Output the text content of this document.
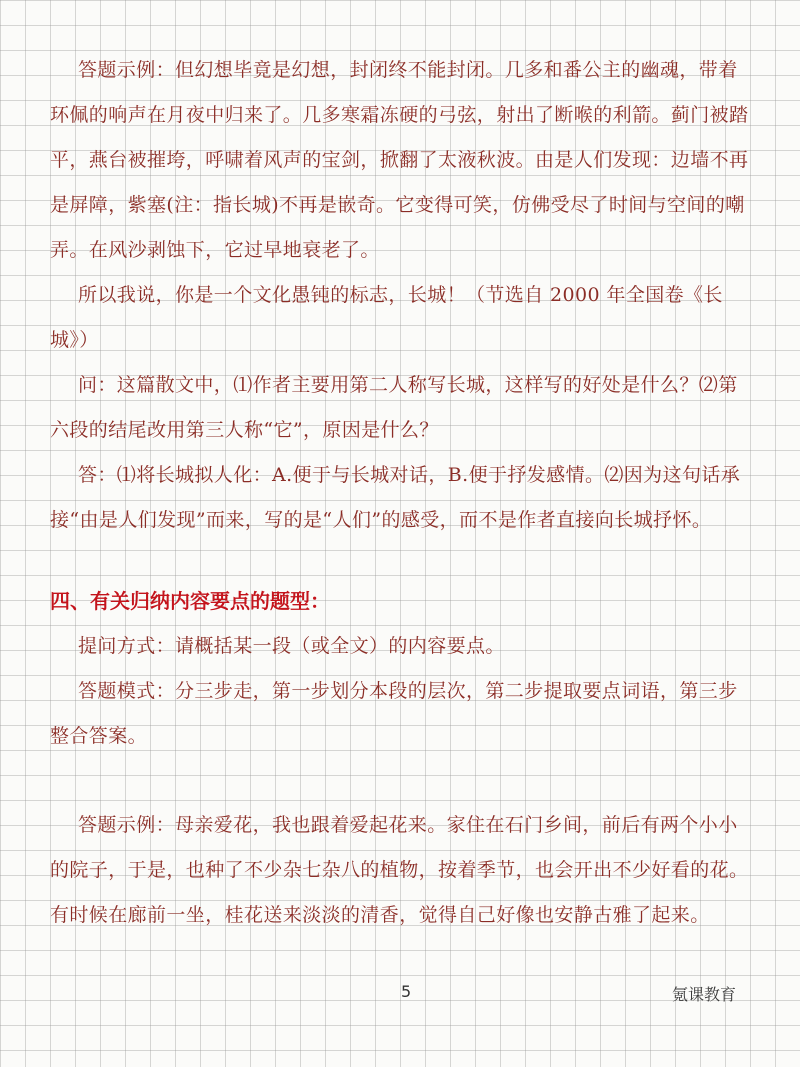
答题示例：但幻想毕竟是幻想，封闭终不能封闭。几多和番公主的幽魂，带着环佩的响声在月夜中归来了。几多寒霜冻硬的弓弦，射出了断喉的利箭。蓟门被踏平，燕台被摧垮，呼啸着风声的宝剑，掀翻了太液秋波。由是人们发现：边墙不再是屏障，紫塞(注：指长城)不再是嵌奇。它变得可笑，仿佛受尽了时间与空间的嘲弄。在风沙剥蚀下，它过早地衰老了。

所以我说，你是一个文化愚钝的标志，长城！（节选自 2000 年全国卷《长城》）

问：这篇散文中，⑴作者主要用第二人称写长城，这样写的好处是什么？⑵第六段的结尾改用第三人称“它”，原因是什么？

答：⑴将长城拟人化：A.便于与长城对话，B.便于抒发感情。⑵因为这句话承接“由是人们发现”而来，写的是“人们”的感受，而不是作者直接向长城抒怀。

四、有关归纳内容要点的题型：

提问方式：请概括某一段（或全文）的内容要点。

答题模式：分三步走，第一步划分本段的层次，第二步提取要点词语，第三步整合答案。

答题示例：母亲爱花，我也跟着爱起花来。家住在石门乡间，前后有两个小小的院子，于是，也种了不少杂七杂八的植物，按着季节，也会开出不少好看的花。有时候在廊前一坐，桂花送来淡淡的清香，觉得自己好像也安静古雅了起来。

5	氪课教育
